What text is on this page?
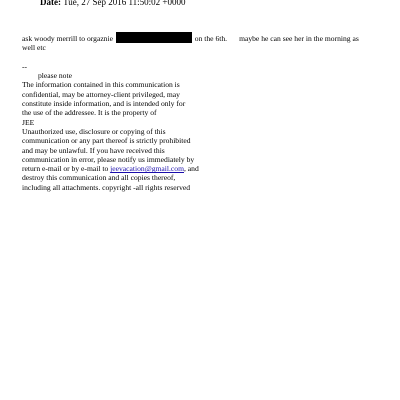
Date: Tue, 27 Sep 2016 11:50:02 +0000
ask woody merrill to orgaznie	on the 6th. maybe he can see her in the morning as
well etc
--
please note
The information contained in this communication is
confidential, may be attorney-client privileged, may
constitute inside information, and is intended only for
the use of the addressee. It is the property of
JEE
Unauthorized use, disclosure or copying of this
communication or any part thereof is strictly prohibited
and may be unlawful. If you have received this
communication in error, please notify us immediately by
return e-mail or by e-mail to jeevacation@gmail.com, and
destroy this communication and all copies thereof,
including all attachments. copyright -all rights reserved
